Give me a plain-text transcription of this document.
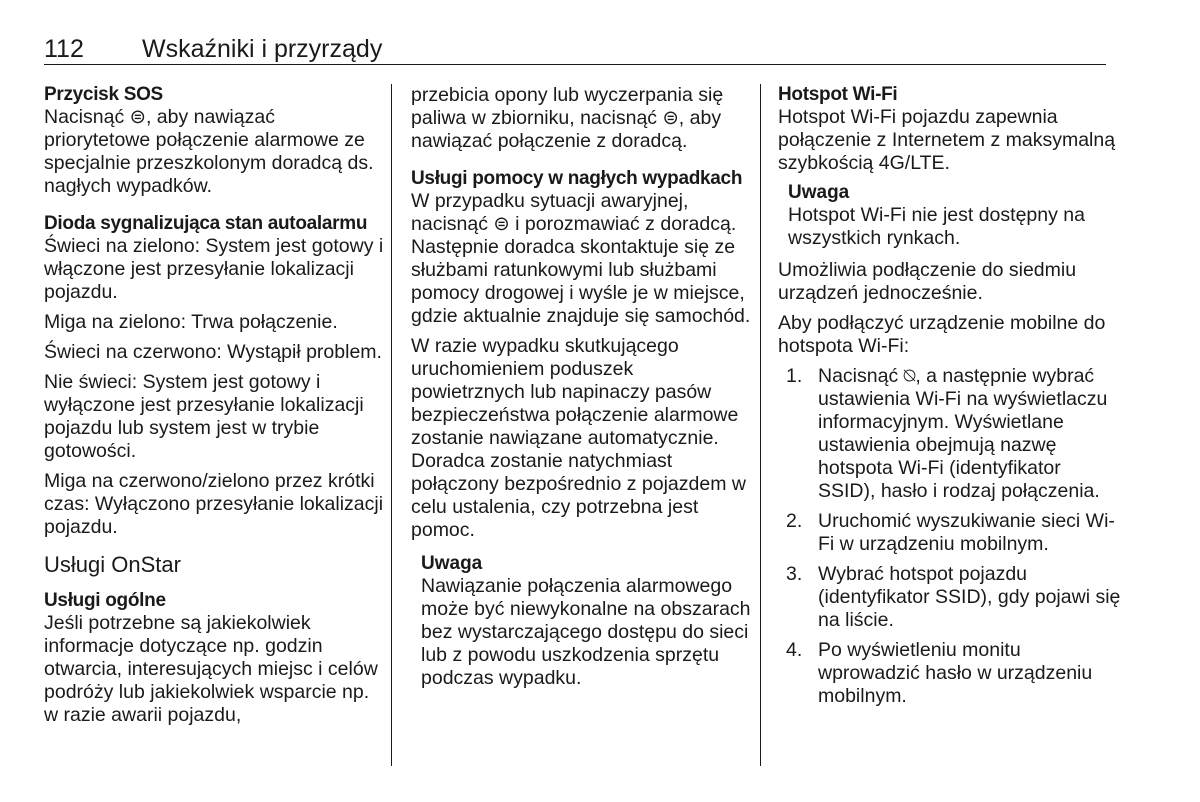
112 Wskaźniki i przyrządy
Przycisk SOS

Nacisnąć ⊜, aby nawiązać priorytetowe połączenie alarmowe ze specjalnie przeszkolonym doradcą ds. nagłych wypadków.

Dioda sygnalizująca stan autoalarmu

Świeci na zielono: System jest gotowy i włączone jest przesyłanie lokalizacji pojazdu.

Miga na zielono: Trwa połączenie.

Świeci na czerwono: Wystąpił problem.

Nie świeci: System jest gotowy i wyłączone jest przesyłanie lokalizacji pojazdu lub system jest w trybie gotowości.

Miga na czerwono/zielono przez krótki czas: Wyłączono przesyłanie lokalizacji pojazdu.

Usługi OnStar
Usługi ogólne

Jeśli potrzebne są jakiekolwiek informacje dotyczące np. godzin otwarcia, interesujących miejsc i celów podróży lub jakiekolwiek wsparcie np. w razie awarii pojazdu,

przebicia opony lub wyczerpania się paliwa w zbiorniku, nacisnąć ⊜, aby nawiązać połączenie z doradcą.

Usługi pomocy w nagłych wypadkach

W przypadku sytuacji awaryjnej, nacisnąć ⊜ i porozmawiać z doradcą. Następnie doradca skontaktuje się ze służbami ratunkowymi lub służbami pomocy drogowej i wyśle je w miejsce, gdzie aktualnie znajduje się samochód.

W razie wypadku skutkującego uruchomieniem poduszek powietrznych lub napinaczy pasów bezpieczeństwa połączenie alarmowe zostanie nawiązane automatycznie. Doradca zostanie natychmiast połączony bezpośrednio z pojazdem w celu ustalenia, czy potrzebna jest pomoc.

Uwaga

Nawiązanie połączenia alarmowego może być niewykonalne na obszarach bez wystarczającego dostępu do sieci lub z powodu uszkodzenia sprzętu podczas wypadku.

Hotspot Wi-Fi

Hotspot Wi-Fi pojazdu zapewnia połączenie z Internetem z maksymalną szybkością 4G/LTE.

Uwaga

Hotspot Wi-Fi nie jest dostępny na wszystkich rynkach.

Umożliwia podłączenie do siedmiu urządzeń jednocześnie.

Aby podłączyć urządzenie mobilne do hotspota Wi-Fi:

1. Nacisnąć ⍉, a następnie wybrać ustawienia Wi-Fi na wyświetlaczu informacyjnym. Wyświetlane ustawienia obejmują nazwę hotspota Wi-Fi (identyfikator SSID), hasło i rodzaj połączenia.
2. Uruchomić wyszukiwanie sieci Wi-Fi w urządzeniu mobilnym.
3. Wybrać hotspot pojazdu (identyfikator SSID), gdy pojawi się na liście.
4. Po wyświetleniu monitu wprowadzić hasło w urządzeniu mobilnym.
